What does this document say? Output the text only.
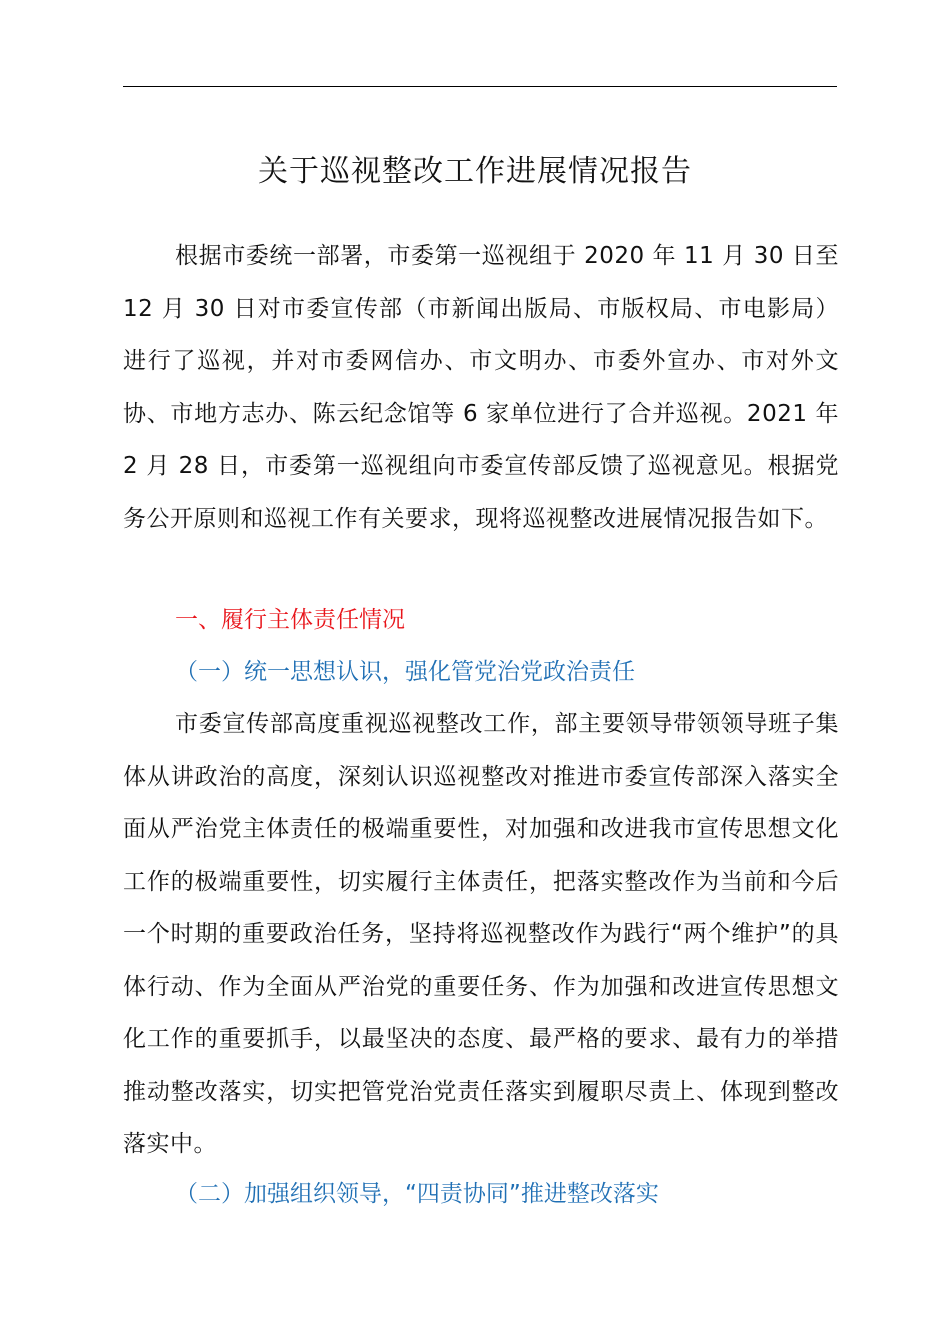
关于巡视整改工作进展情况报告

根据市委统一部署，市委第一巡视组于 2020 年 11 月 30 日至 12 月 30 日对市委宣传部（市新闻出版局、市版权局、市电影局）进行了巡视，并对市委网信办、市文明办、市委外宣办、市对外文协、市地方志办、陈云纪念馆等 6 家单位进行了合并巡视。2021 年 2 月 28 日，市委第一巡视组向市委宣传部反馈了巡视意见。根据党务公开原则和巡视工作有关要求，现将巡视整改进展情况报告如下。

一、履行主体责任情况

（一）统一思想认识，强化管党治党政治责任

市委宣传部高度重视巡视整改工作，部主要领导带领领导班子集体从讲政治的高度，深刻认识巡视整改对推进市委宣传部深入落实全面从严治党主体责任的极端重要性，对加强和改进我市宣传思想文化工作的极端重要性，切实履行主体责任，把落实整改作为当前和今后一个时期的重要政治任务，坚持将巡视整改作为践行“两个维护”的具体行动、作为全面从严治党的重要任务、作为加强和改进宣传思想文化工作的重要抓手，以最坚决的态度、最严格的要求、最有力的举措推动整改落实，切实把管党治党责任落实到履职尽责上、体现到整改落实中。

（二）加强组织领导，“四责协同”推进整改落实
